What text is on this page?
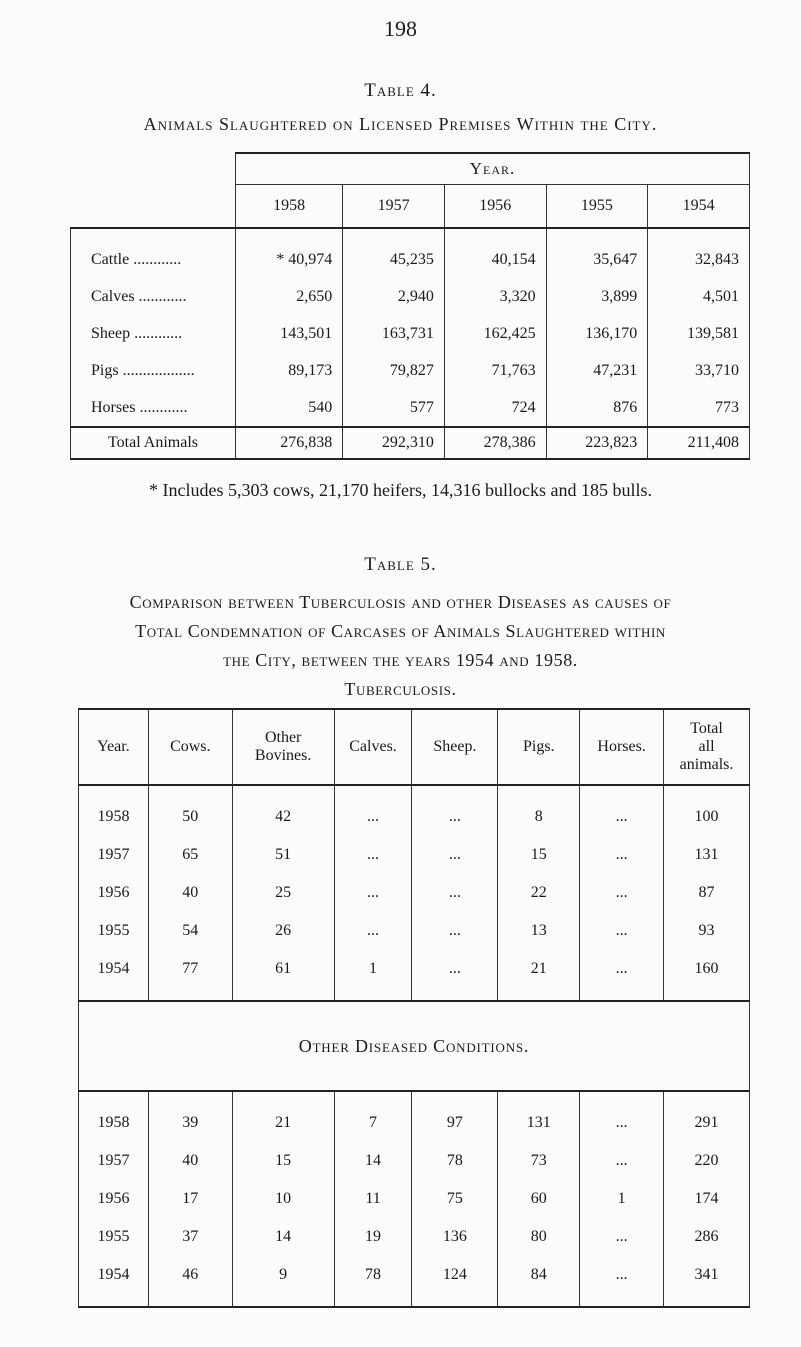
198
Table 4.
Animals Slaughtered on Licensed Premises Within the City.
	Year.				
	1958	1957	1956	1955	1954
Cattle ............	* 40,974	45,235	40,154	35,647	32,843
Calves ............	2,650	2,940	3,320	3,899	4,501
Sheep ............	143,501	163,731	162,425	136,170	139,581
Pigs ..................	89,173	79,827	71,763	47,231	33,710
Horses ............	540	577	724	876	773
Total Animals	276,838	292,310	278,386	223,823	211,408
* Includes 5,303 cows, 21,170 heifers, 14,316 bullocks and 185 bulls.
Table 5.
Comparison between Tuberculosis and other Diseases as causes of
Total Condemnation of Carcases of Animals Slaughtered within
the City, between the years 1954 and 1958.
Tuberculosis.
Year.	Cows.	Other
Bovines.	Calves.	Sheep.	Pigs.	Horses.	Total
all
animals.

1958	50	42	...	...	8	...	100
1957	65	51	...	...	15	...	131
1956	40	25	...	...	22	...	87
1955	54	26	...	...	13	...	93
1954	77	61	1	...	21	...	160

Other Diseased Conditions.							

1958	39	21	7	97	131	...	291
1957	40	15	14	78	73	...	220
1956	17	10	11	75	60	1	174
1955	37	14	19	136	80	...	286
1954	46	9	78	124	84	...	341
